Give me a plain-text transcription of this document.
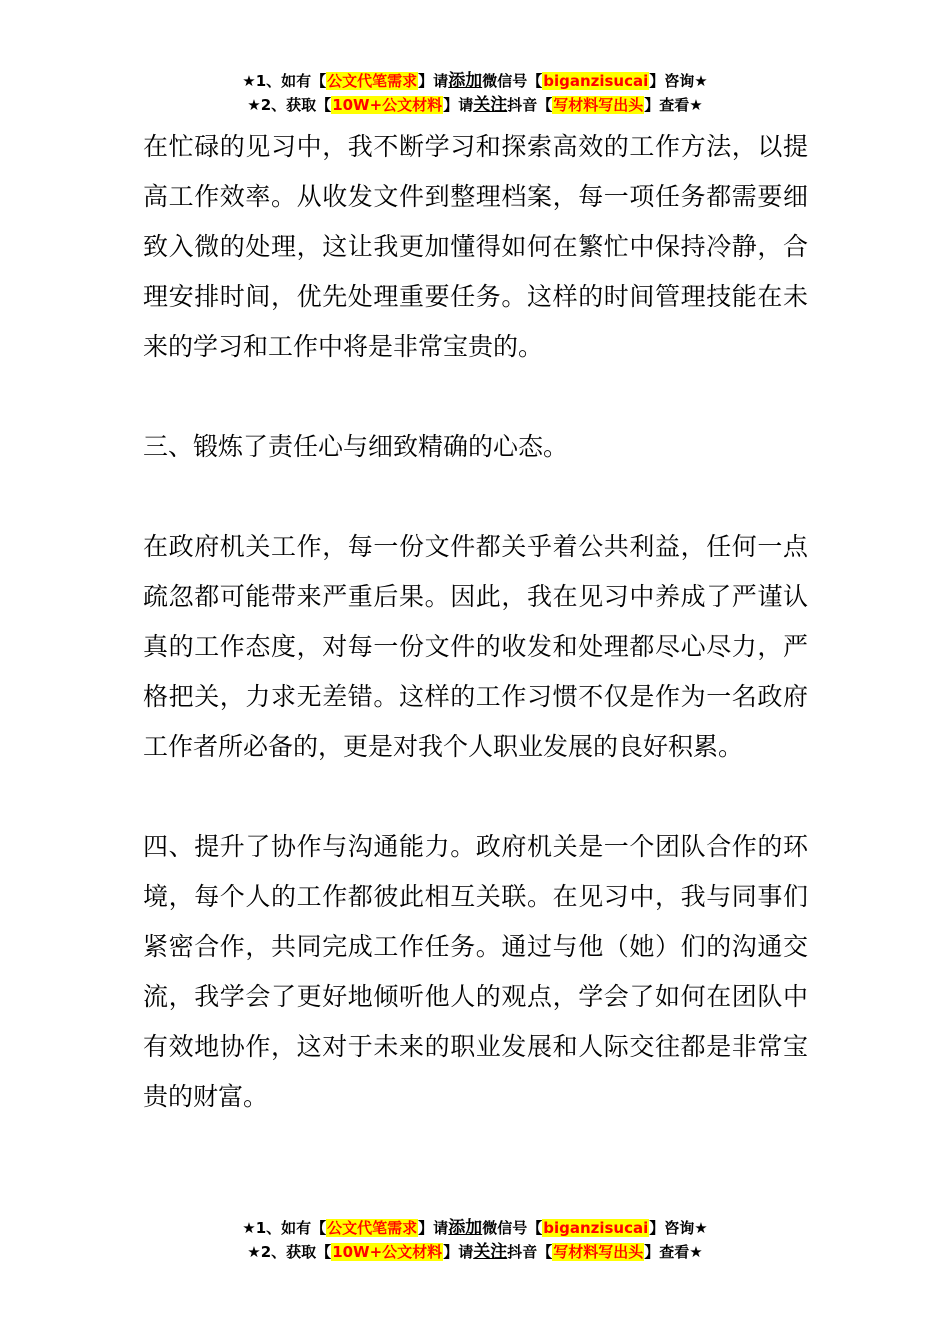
★1、如有【公文代笔需求】请添加微信号【biganzisucai】咨询★
★2、获取【10W+公文材料】请关注抖音【写材料写出头】查看★

在忙碌的见习中，我不断学习和探索高效的工作方法，以提高工作效率。从收发文件到整理档案，每一项任务都需要细致入微的处理，这让我更加懂得如何在繁忙中保持冷静，合理安排时间，优先处理重要任务。这样的时间管理技能在未来的学习和工作中将是非常宝贵的。

三、锻炼了责任心与细致精确的心态。

在政府机关工作，每一份文件都关乎着公共利益，任何一点疏忽都可能带来严重后果。因此，我在见习中养成了严谨认真的工作态度，对每一份文件的收发和处理都尽心尽力，严格把关，力求无差错。这样的工作习惯不仅是作为一名政府工作者所必备的，更是对我个人职业发展的良好积累。

四、提升了协作与沟通能力。政府机关是一个团队合作的环境，每个人的工作都彼此相互关联。在见习中，我与同事们紧密合作，共同完成工作任务。通过与他（她）们的沟通交流，我学会了更好地倾听他人的观点，学会了如何在团队中有效地协作，这对于未来的职业发展和人际交往都是非常宝贵的财富。

★1、如有【公文代笔需求】请添加微信号【biganzisucai】咨询★
★2、获取【10W+公文材料】请关注抖音【写材料写出头】查看★
